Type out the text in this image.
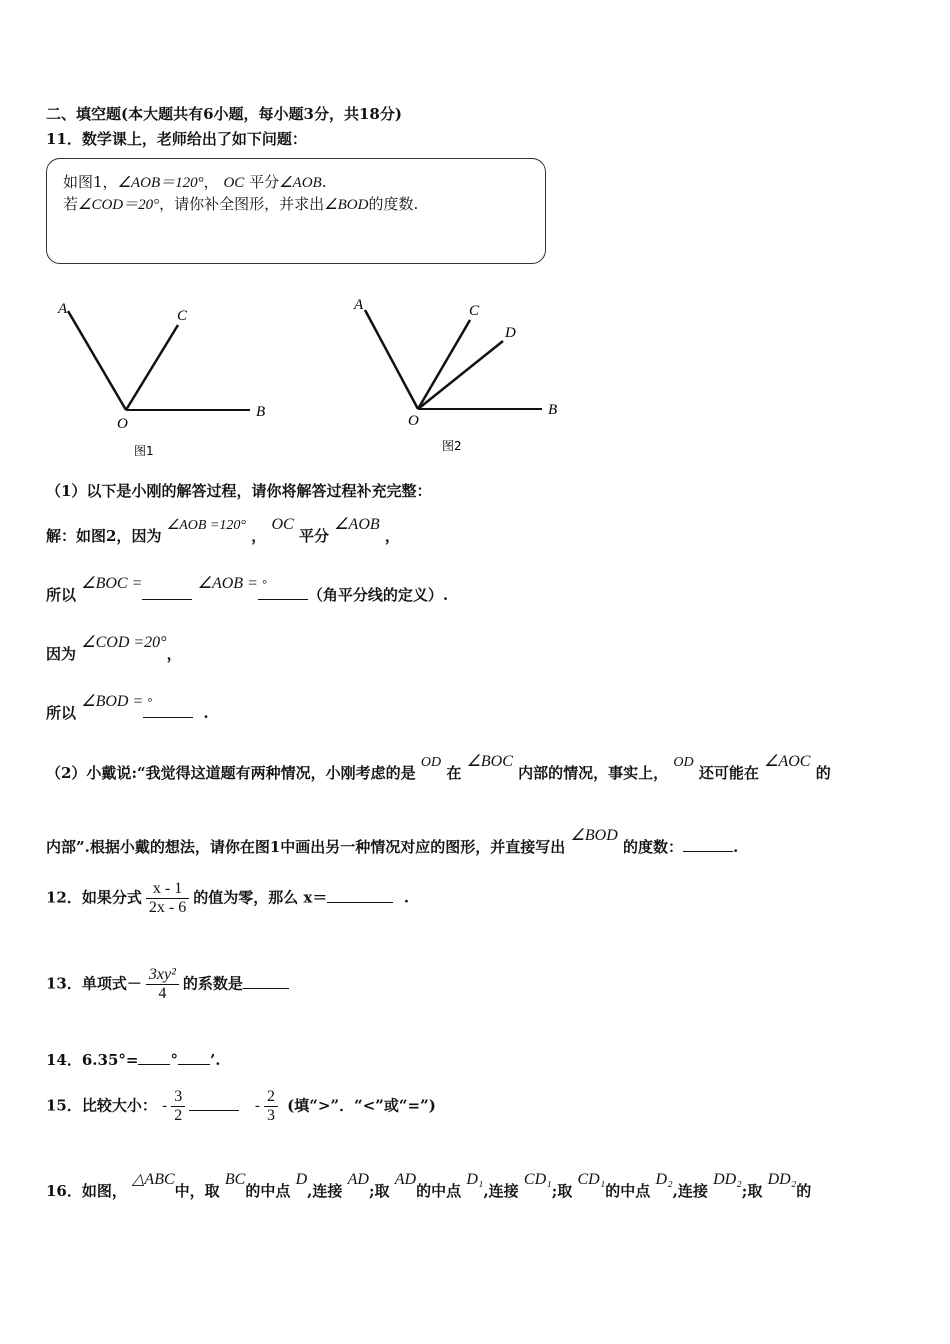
二、填空题(本大题共有6小题，每小题3分，共18分)
11．数学课上，老师给出了如下问题：
如图1，∠AOB＝120°， OC 平分∠AOB.
若∠COD＝20°，请你补全图形，并求出∠BOD的度数.
A	C
O
B
图1
A	C
D
O
B
图2
（1）以下是小刚的解答过程，请你将解答过程补充完整：
解：如图2，因为 ∠AOB =120° ， OC 平分 ∠AOB ，
所以 ∠BOC =	∠AOB = ° （角平分线的定义）.
因为 ∠COD =20°，
所以 ∠BOD = ° .
（2）小戴说:“我觉得这道题有两种情况，小刚考虑的是 OD 在 ∠BOC 内部的情况，事实上， OD 还可能在 ∠AOC 的
内部”.根据小戴的想法，请你在图1中画出另一种情况对应的图形，并直接写出 ∠BOD 的度数：	.
12．如果分式 $\frac{x - 1}{2x - 6}$ 的值为零，那么 x＝	.
13．单项式－ $\frac{\text{3xy²}}{4}$ 的系数是
14．6.35°= ° ’.
15．比较大小： - $\frac{3}{2}$	- $\frac{2}{3}$ (填“>”．“<”或“=”)
16．如图， △ABC中，取 BC的中点 D,连接 AD;取 AD的中点 D₁,连接 CD₁;取 CD₁的中点 D₂,连接 DD₂;取 DD₂的
